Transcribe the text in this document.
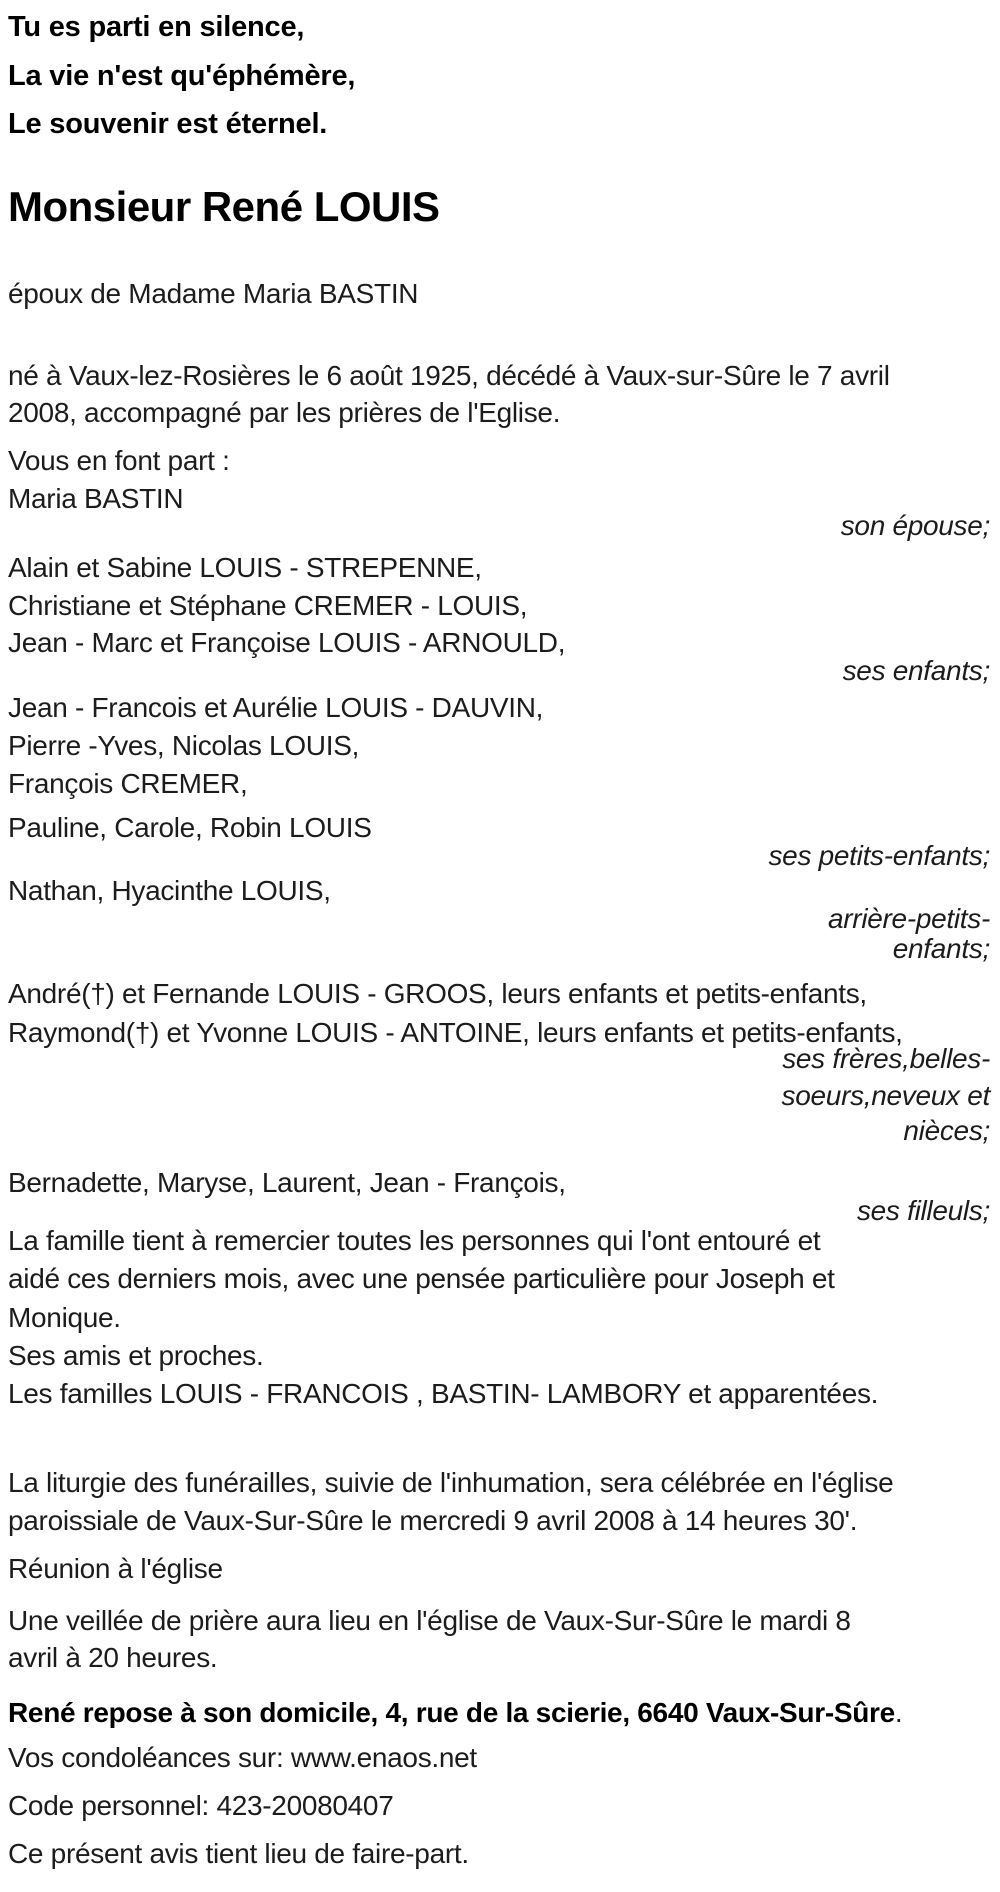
Tu es parti en silence,
La vie n'est qu'éphémère,
Le souvenir est éternel.
Monsieur René LOUIS
époux de Madame Maria BASTIN
né à Vaux-lez-Rosières le 6 août 1925, décédé à Vaux-sur-Sûre le 7 avril
2008, accompagné par les prières de l'Eglise.
Vous en font part :
Maria BASTIN
son épouse;
Alain et Sabine LOUIS - STREPENNE,
Christiane et Stéphane CREMER - LOUIS,
Jean - Marc et Françoise LOUIS - ARNOULD,
ses enfants;
Jean - Francois et Aurélie LOUIS - DAUVIN,
Pierre -Yves, Nicolas LOUIS,
François CREMER,
Pauline, Carole, Robin LOUIS
ses petits-enfants;
Nathan, Hyacinthe LOUIS,
arrière-petits-
enfants;
André(†) et Fernande LOUIS - GROOS, leurs enfants et petits-enfants,
Raymond(†) et Yvonne LOUIS - ANTOINE, leurs enfants et petits-enfants,
ses frères,belles-
soeurs,neveux et
nièces;
Bernadette, Maryse, Laurent, Jean - François,
ses filleuls;
La famille tient à remercier toutes les personnes qui l'ont entouré et
aidé ces derniers mois, avec une pensée particulière pour Joseph et
Monique.
Ses amis et proches.
Les familles LOUIS - FRANCOIS , BASTIN- LAMBORY et apparentées.
La liturgie des funérailles, suivie de l'inhumation, sera célébrée en l'église
paroissiale de Vaux-Sur-Sûre le mercredi 9 avril 2008 à 14 heures 30'.
Réunion à l'église
Une veillée de prière aura lieu en l'église de Vaux-Sur-Sûre le mardi 8
avril à 20 heures.
René repose à son domicile, 4, rue de la scierie, 6640 Vaux-Sur-Sûre.
Vos condoléances sur: www.enaos.net
Code personnel: 423-20080407
Ce présent avis tient lieu de faire-part.
